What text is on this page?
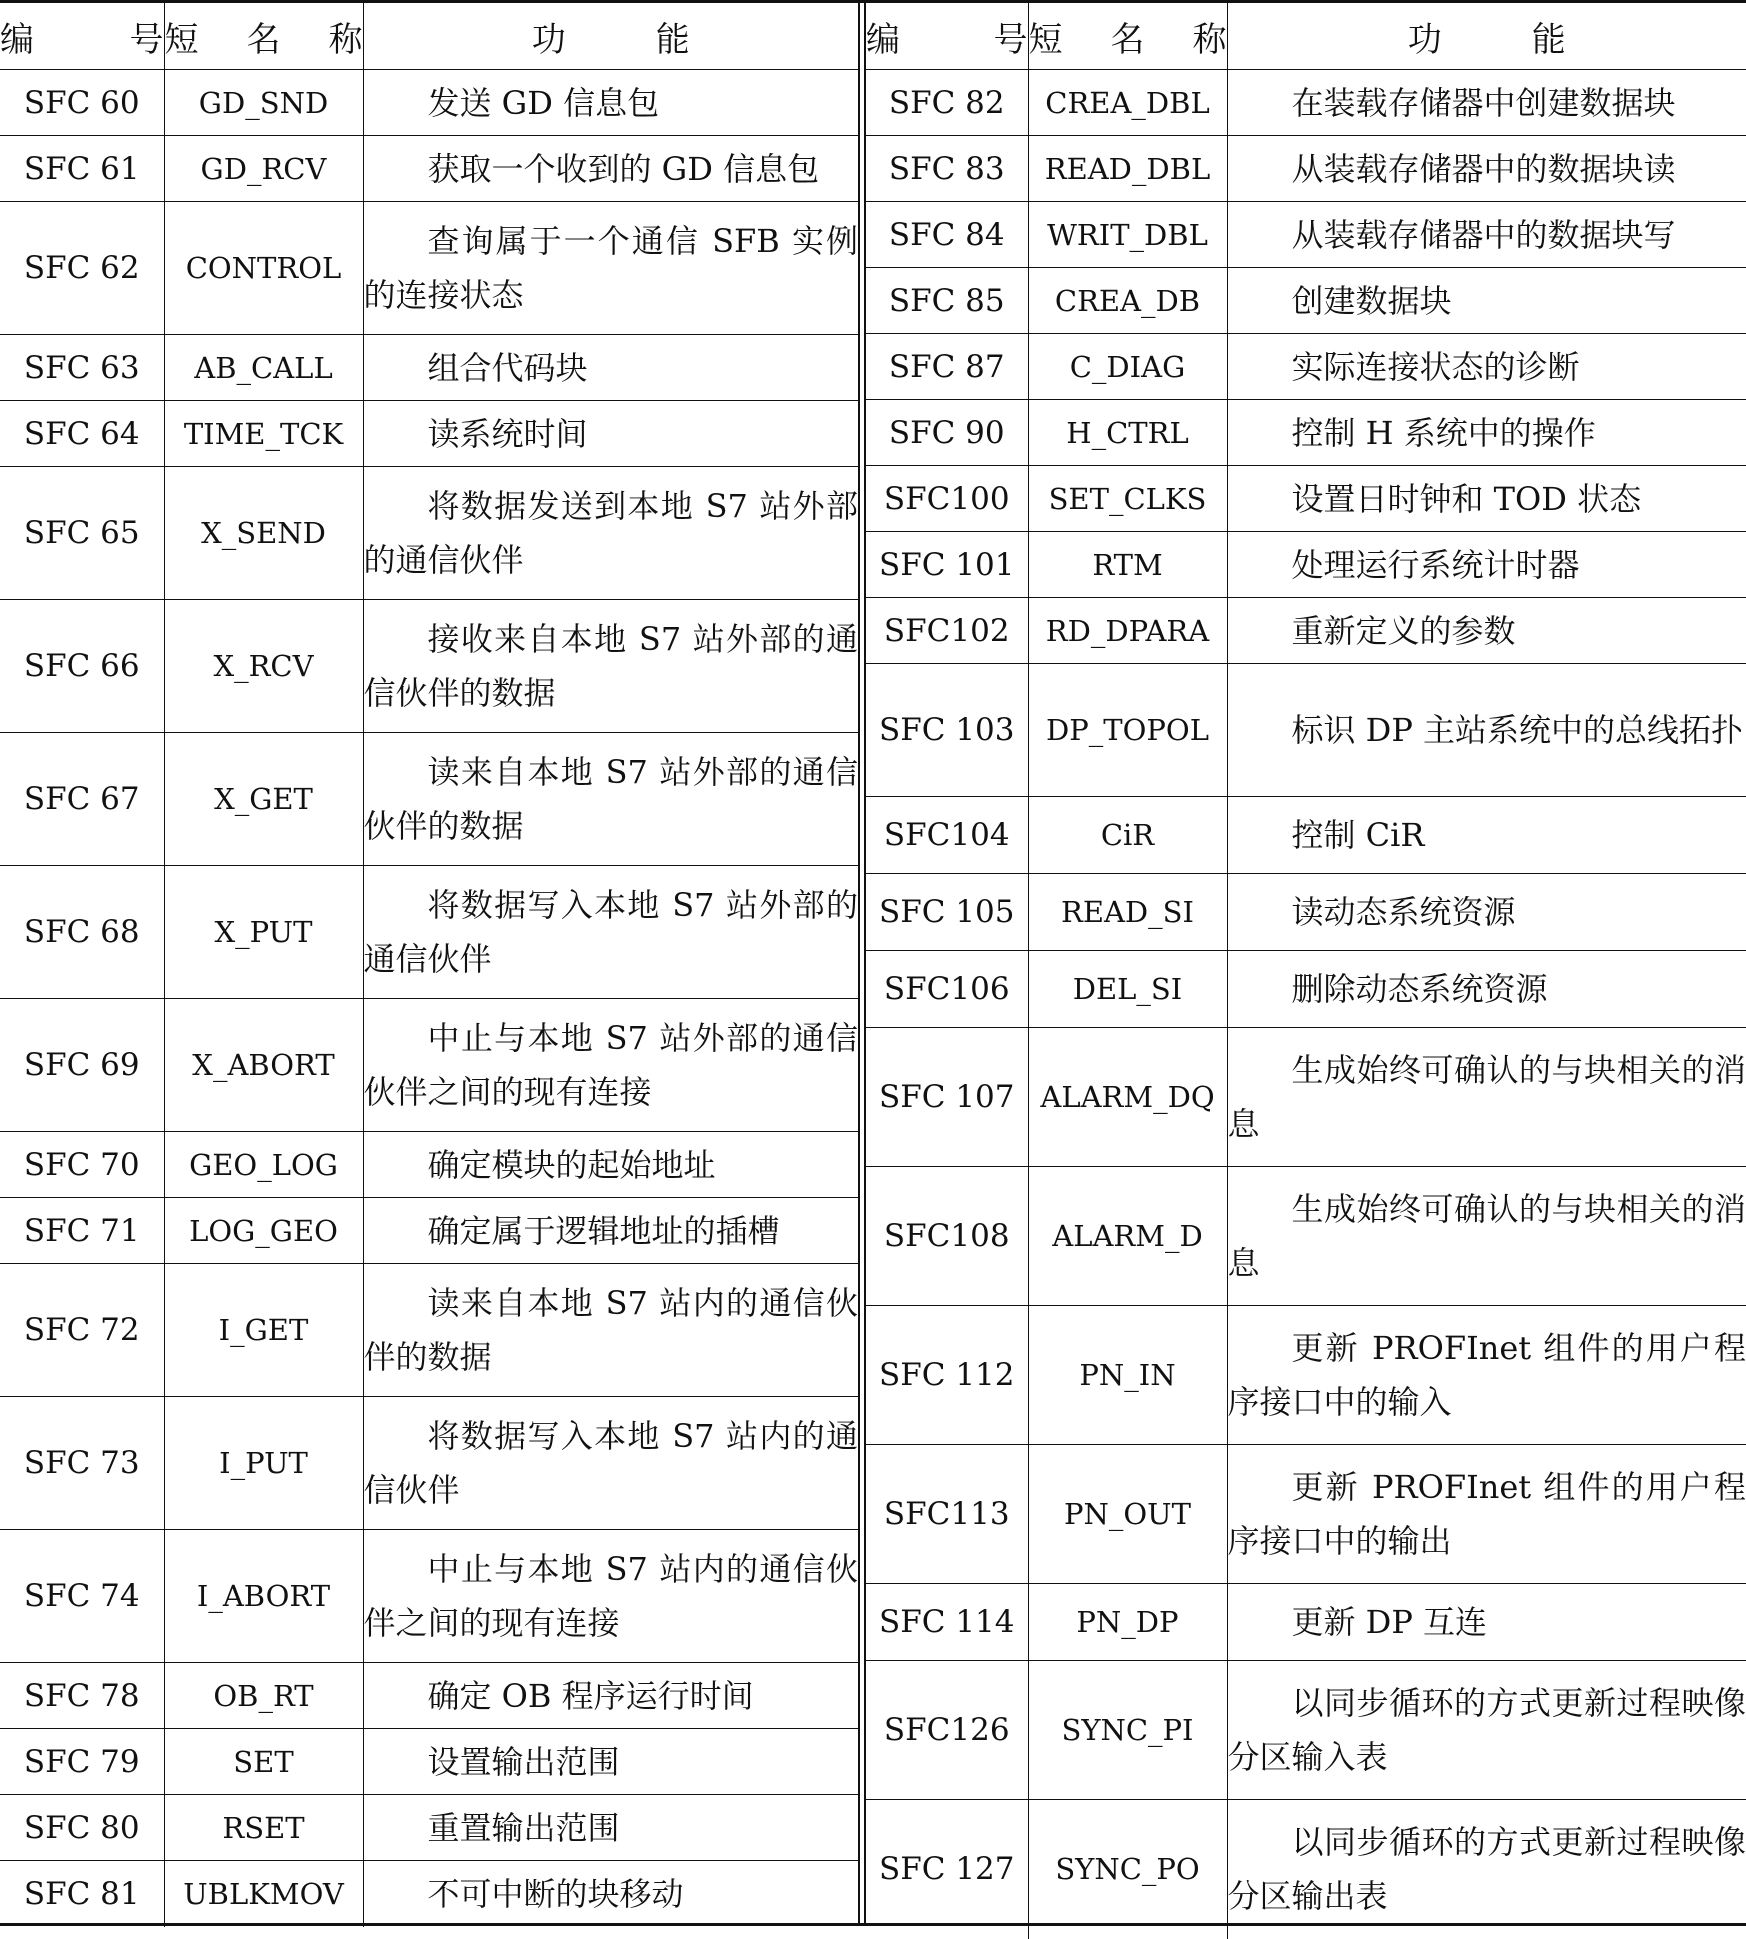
编号	短名称	功能
SFC 60	GD_SND	发送 GD 信息包
SFC 61	GD_RCV	获取一个收到的 GD 信息包
SFC 62	CONTROL	查询属于一个通信 SFB 实例的连接状态
SFC 63	AB_CALL	组合代码块
SFC 64	TIME_TCK	读系统时间
SFC 65	X_SEND	将数据发送到本地 S7 站外部的通信伙伴
SFC 66	X_RCV	接收来自本地 S7 站外部的通信伙伴的数据
SFC 67	X_GET	读来自本地 S7 站外部的通信伙伴的数据
SFC 68	X_PUT	将数据写入本地 S7 站外部的通信伙伴
SFC 69	X_ABORT	中止与本地 S7 站外部的通信伙伴之间的现有连接
SFC 70	GEO_LOG	确定模块的起始地址
SFC 71	LOG_GEO	确定属于逻辑地址的插槽
SFC 72	I_GET	读来自本地 S7 站内的通信伙伴的数据
SFC 73	I_PUT	将数据写入本地 S7 站内的通信伙伴
SFC 74	I_ABORT	中止与本地 S7 站内的通信伙伴之间的现有连接
SFC 78	OB_RT	确定 OB 程序运行时间
SFC 79	SET	设置输出范围
SFC 80	RSET	重置输出范围
SFC 81	UBLKMOV	不可中断的块移动
编号	短名称	功能
SFC 82	CREA_DBL	在装载存储器中创建数据块
SFC 83	READ_DBL	从装载存储器中的数据块读
SFC 84	WRIT_DBL	从装载存储器中的数据块写
SFC 85	CREA_DB	创建数据块
SFC 87	C_DIAG	实际连接状态的诊断
SFC 90	H_CTRL	控制 H 系统中的操作
SFC100	SET_CLKS	设置日时钟和 TOD 状态
SFC 101	RTM	处理运行系统计时器
SFC102	RD_DPARA	重新定义的参数
SFC 103	DP_TOPOL	标识 DP 主站系统中的总线拓扑
SFC104	CiR	控制 CiR
SFC 105	READ_SI	读动态系统资源
SFC106	DEL_SI	删除动态系统资源
SFC 107	ALARM_DQ	生成始终可确认的与块相关的消息
SFC108	ALARM_D	生成始终可确认的与块相关的消息
SFC 112	PN_IN	更新 PROFInet 组件的用户程序接口中的输入
SFC113	PN_OUT	更新 PROFInet 组件的用户程序接口中的输出
SFC 114	PN_DP	更新 DP 互连
SFC126	SYNC_PI	以同步循环的方式更新过程映像分区输入表
SFC 127	SYNC_PO	以同步循环的方式更新过程映像分区输出表
